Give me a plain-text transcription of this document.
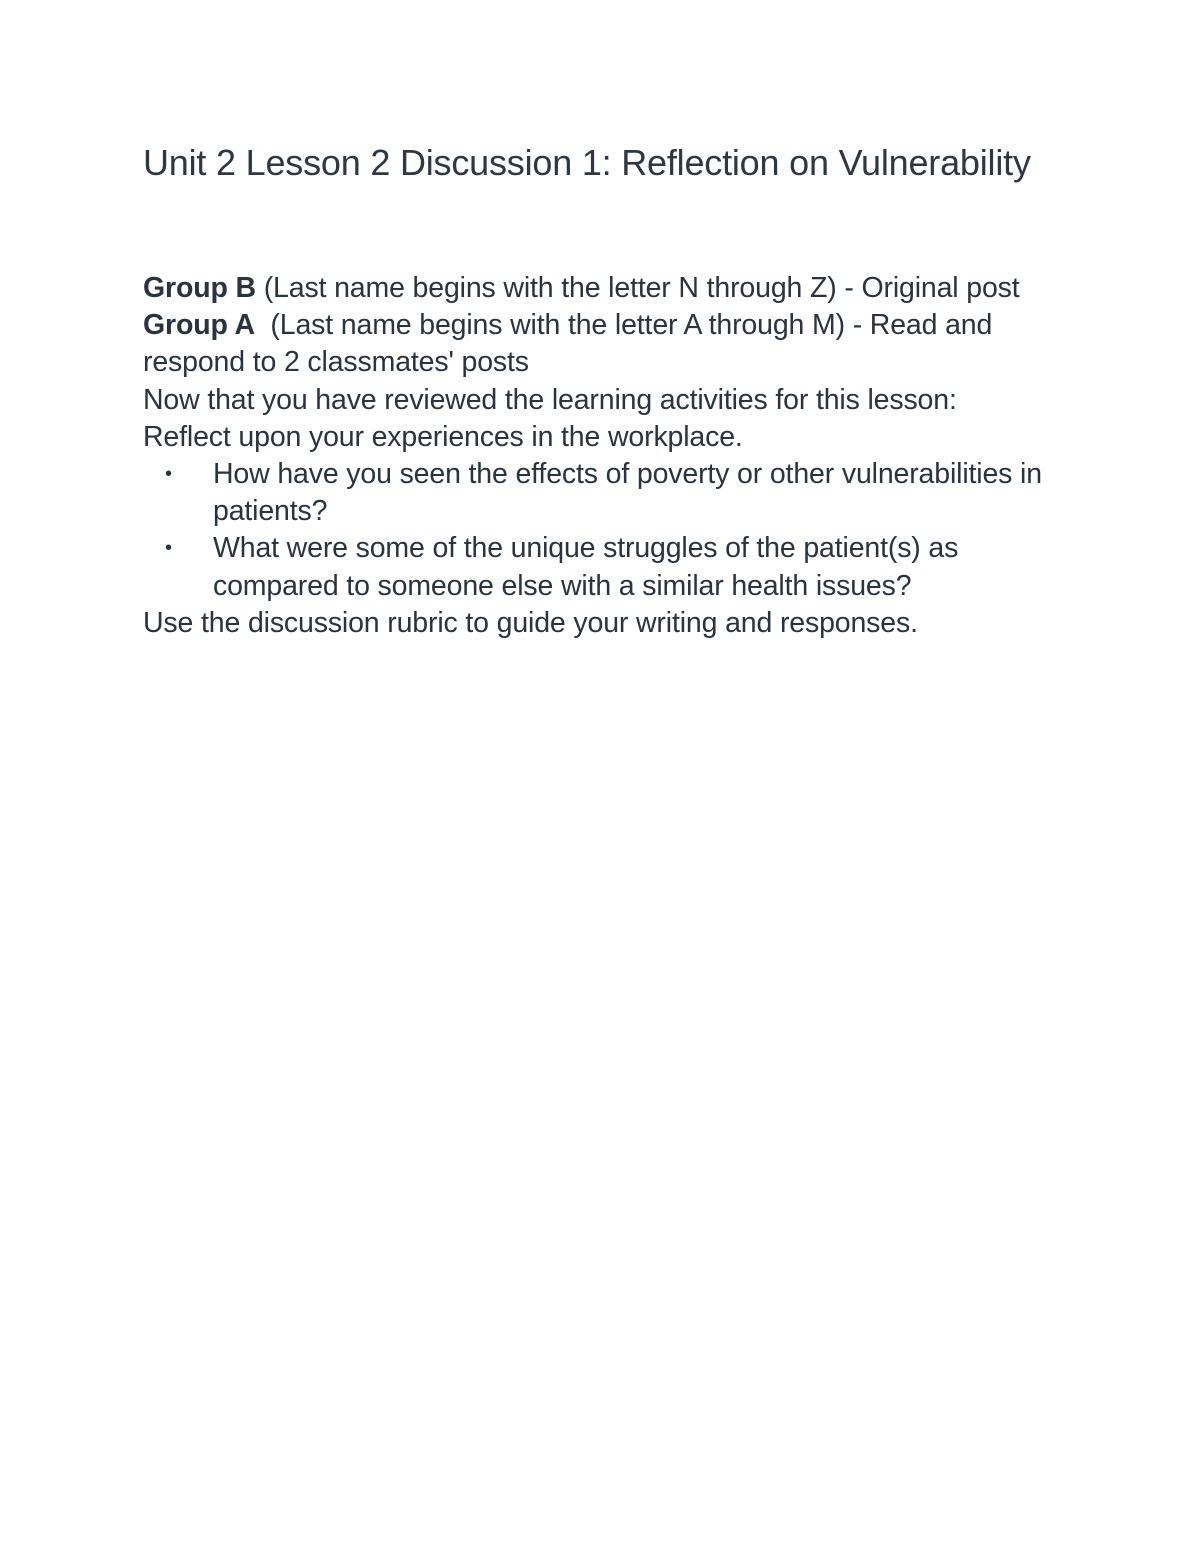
Unit 2 Lesson 2 Discussion 1: Reflection on Vulnerability

Group B (Last name begins with the letter N through Z) - Original post

Group A  (Last name begins with the letter A through M) - Read and respond to 2 classmates' posts

Now that you have reviewed the learning activities for this lesson:

Reflect upon your experiences in the workplace.

• How have you seen the effects of poverty or other vulnerabilities in patients?
• What were some of the unique struggles of the patient(s) as compared to someone else with a similar health issues?

Use the discussion rubric to guide your writing and responses.
